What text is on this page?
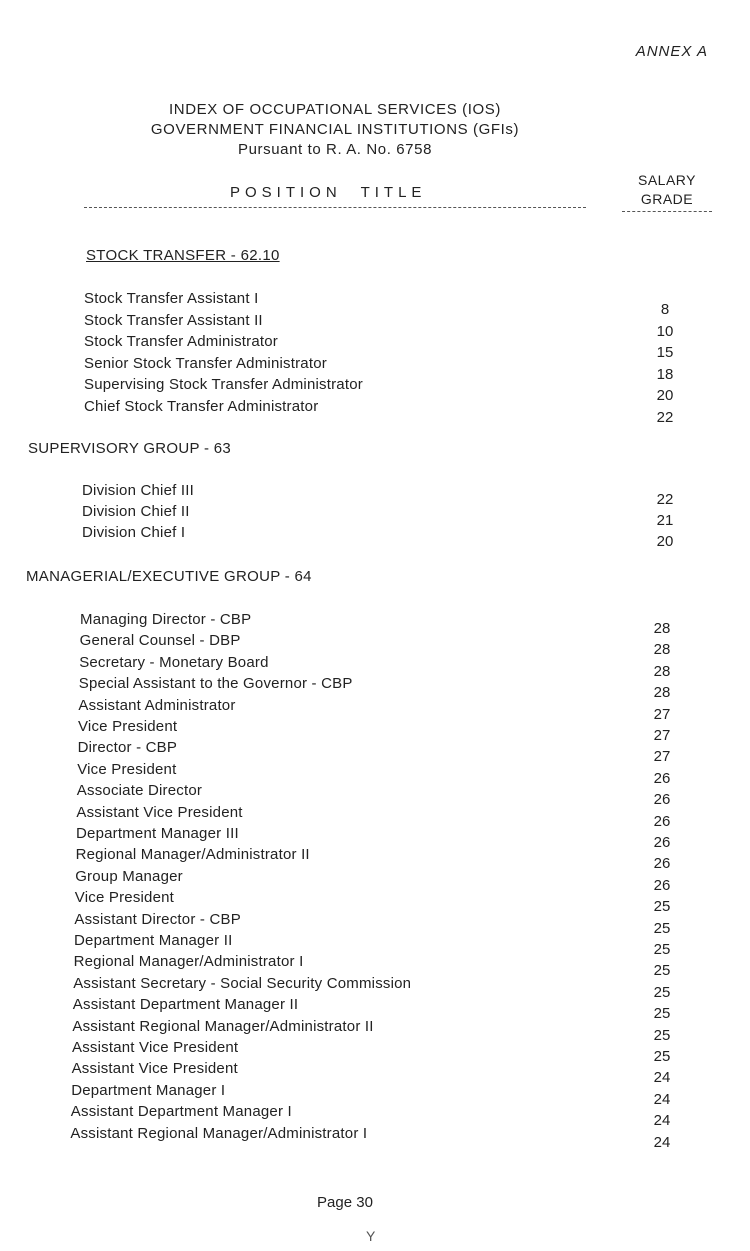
ANNEX A
INDEX OF OCCUPATIONAL SERVICES (IOS)
GOVERNMENT FINANCIAL INSTITUTIONS (GFIs)
Pursuant to R. A. No. 6758
POSITION TITLE
SALARY
GRADE
STOCK TRANSFER - 62.10
Stock Transfer Assistant I
8
Stock Transfer Assistant II
10
Stock Transfer Administrator
15
Senior Stock Transfer Administrator
18
Supervising Stock Transfer Administrator
20
Chief Stock Transfer Administrator
22
SUPERVISORY GROUP - 63
Division Chief III
22
Division Chief II
21
Division Chief I
20
MANAGERIAL/EXECUTIVE GROUP - 64
Managing Director - CBP
28
General Counsel - DBP
28
Secretary - Monetary Board
28
Special Assistant to the Governor - CBP
28
Assistant Administrator
27
Vice President
27
Director - CBP
27
Vice President
26
Associate Director
26
Assistant Vice President
26
Department Manager III
26
Regional Manager/Administrator II
26
Group Manager
26
Vice President
25
Assistant Director - CBP
25
Department Manager II
25
Regional Manager/Administrator I
25
Assistant Secretary - Social Security Commission
25
Assistant Department Manager II
25
Assistant Regional Manager/Administrator II
25
Assistant Vice President
25
Assistant Vice President
24
Department Manager I
24
Assistant Department Manager I
24
Assistant Regional Manager/Administrator I
24
Page 30
Y
